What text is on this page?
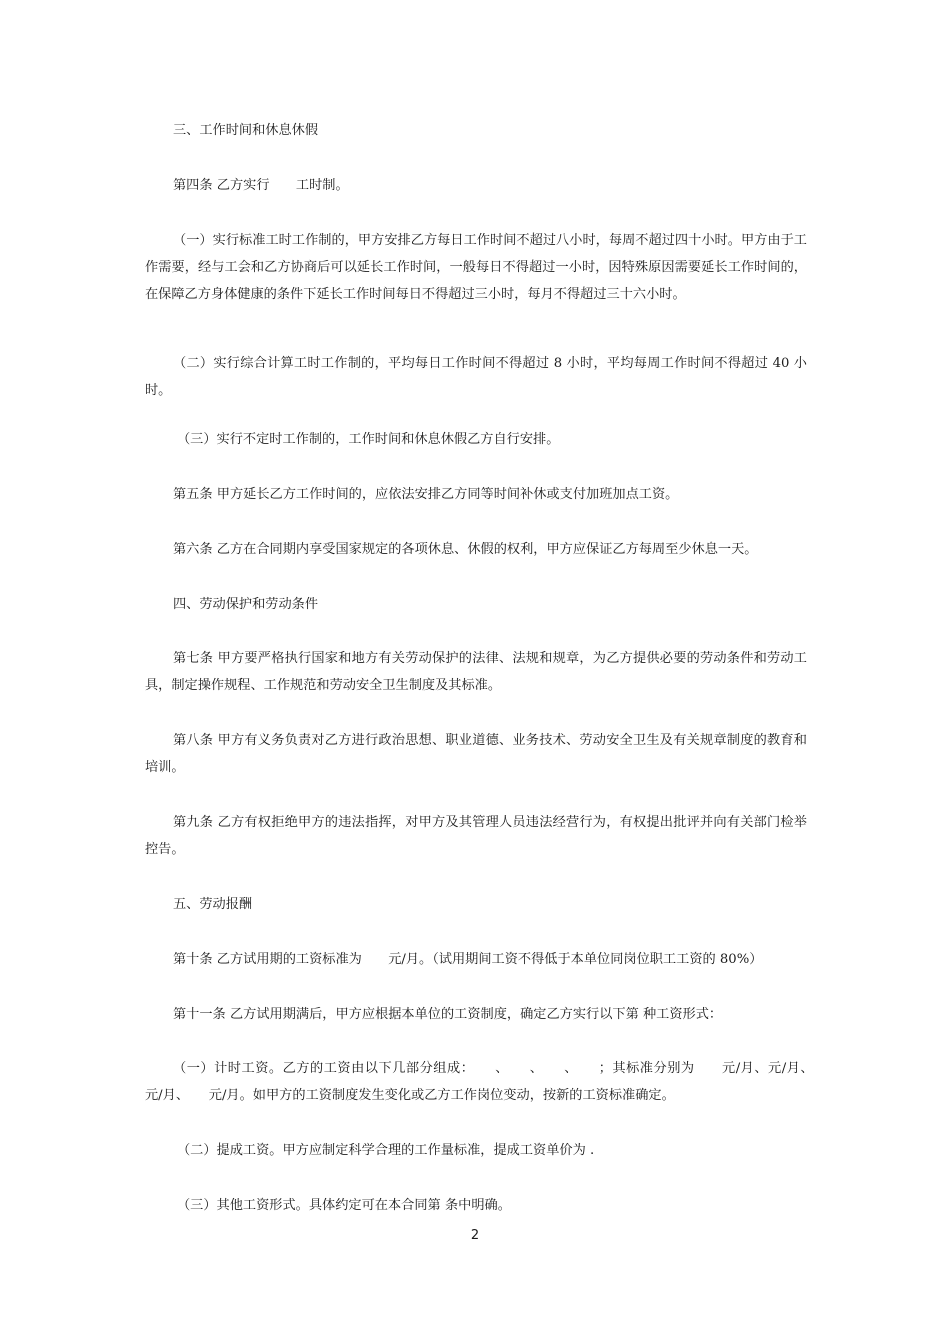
三、工作时间和休息休假

第四条 乙方实行　　工时制。

（一）实行标准工时工作制的，甲方安排乙方每日工作时间不超过八小时，每周不超过四十小时。甲方由于工作需要，经与工会和乙方协商后可以延长工作时间，一般每日不得超过一小时，因特殊原因需要延长工作时间的，在保障乙方身体健康的条件下延长工作时间每日不得超过三小时，每月不得超过三十六小时。

（二）实行综合计算工时工作制的，平均每日工作时间不得超过 8 小时，平均每周工作时间不得超过 40 小时。

（三）实行不定时工作制的，工作时间和休息休假乙方自行安排。

第五条 甲方延长乙方工作时间的，应依法安排乙方同等时间补休或支付加班加点工资。

第六条 乙方在合同期内享受国家规定的各项休息、休假的权利，甲方应保证乙方每周至少休息一天。

四、劳动保护和劳动条件

第七条 甲方要严格执行国家和地方有关劳动保护的法律、法规和规章，为乙方提供必要的劳动条件和劳动工具，制定操作规程、工作规范和劳动安全卫生制度及其标准。

第八条 甲方有义务负责对乙方进行政治思想、职业道德、业务技术、劳动安全卫生及有关规章制度的教育和培训。

第九条 乙方有权拒绝甲方的违法指挥，对甲方及其管理人员违法经营行为，有权提出批评并向有关部门检举控告。

五、劳动报酬

第十条 乙方试用期的工资标准为　　元/月。（试用期间工资不得低于本单位同岗位职工工资的 80%）

第十一条 乙方试用期满后，甲方应根据本单位的工资制度，确定乙方实行以下第 种工资形式：

（一）计时工资。乙方的工资由以下几部分组成：　　、　　、　　、　　；其标准分别为　　元/月、元/月、　　元/月、　　元/月。如甲方的工资制度发生变化或乙方工作岗位变动，按新的工资标准确定。

（二）提成工资。甲方应制定科学合理的工作量标准，提成工资单价为 .

（三）其他工资形式。具体约定可在本合同第 条中明确。

2
